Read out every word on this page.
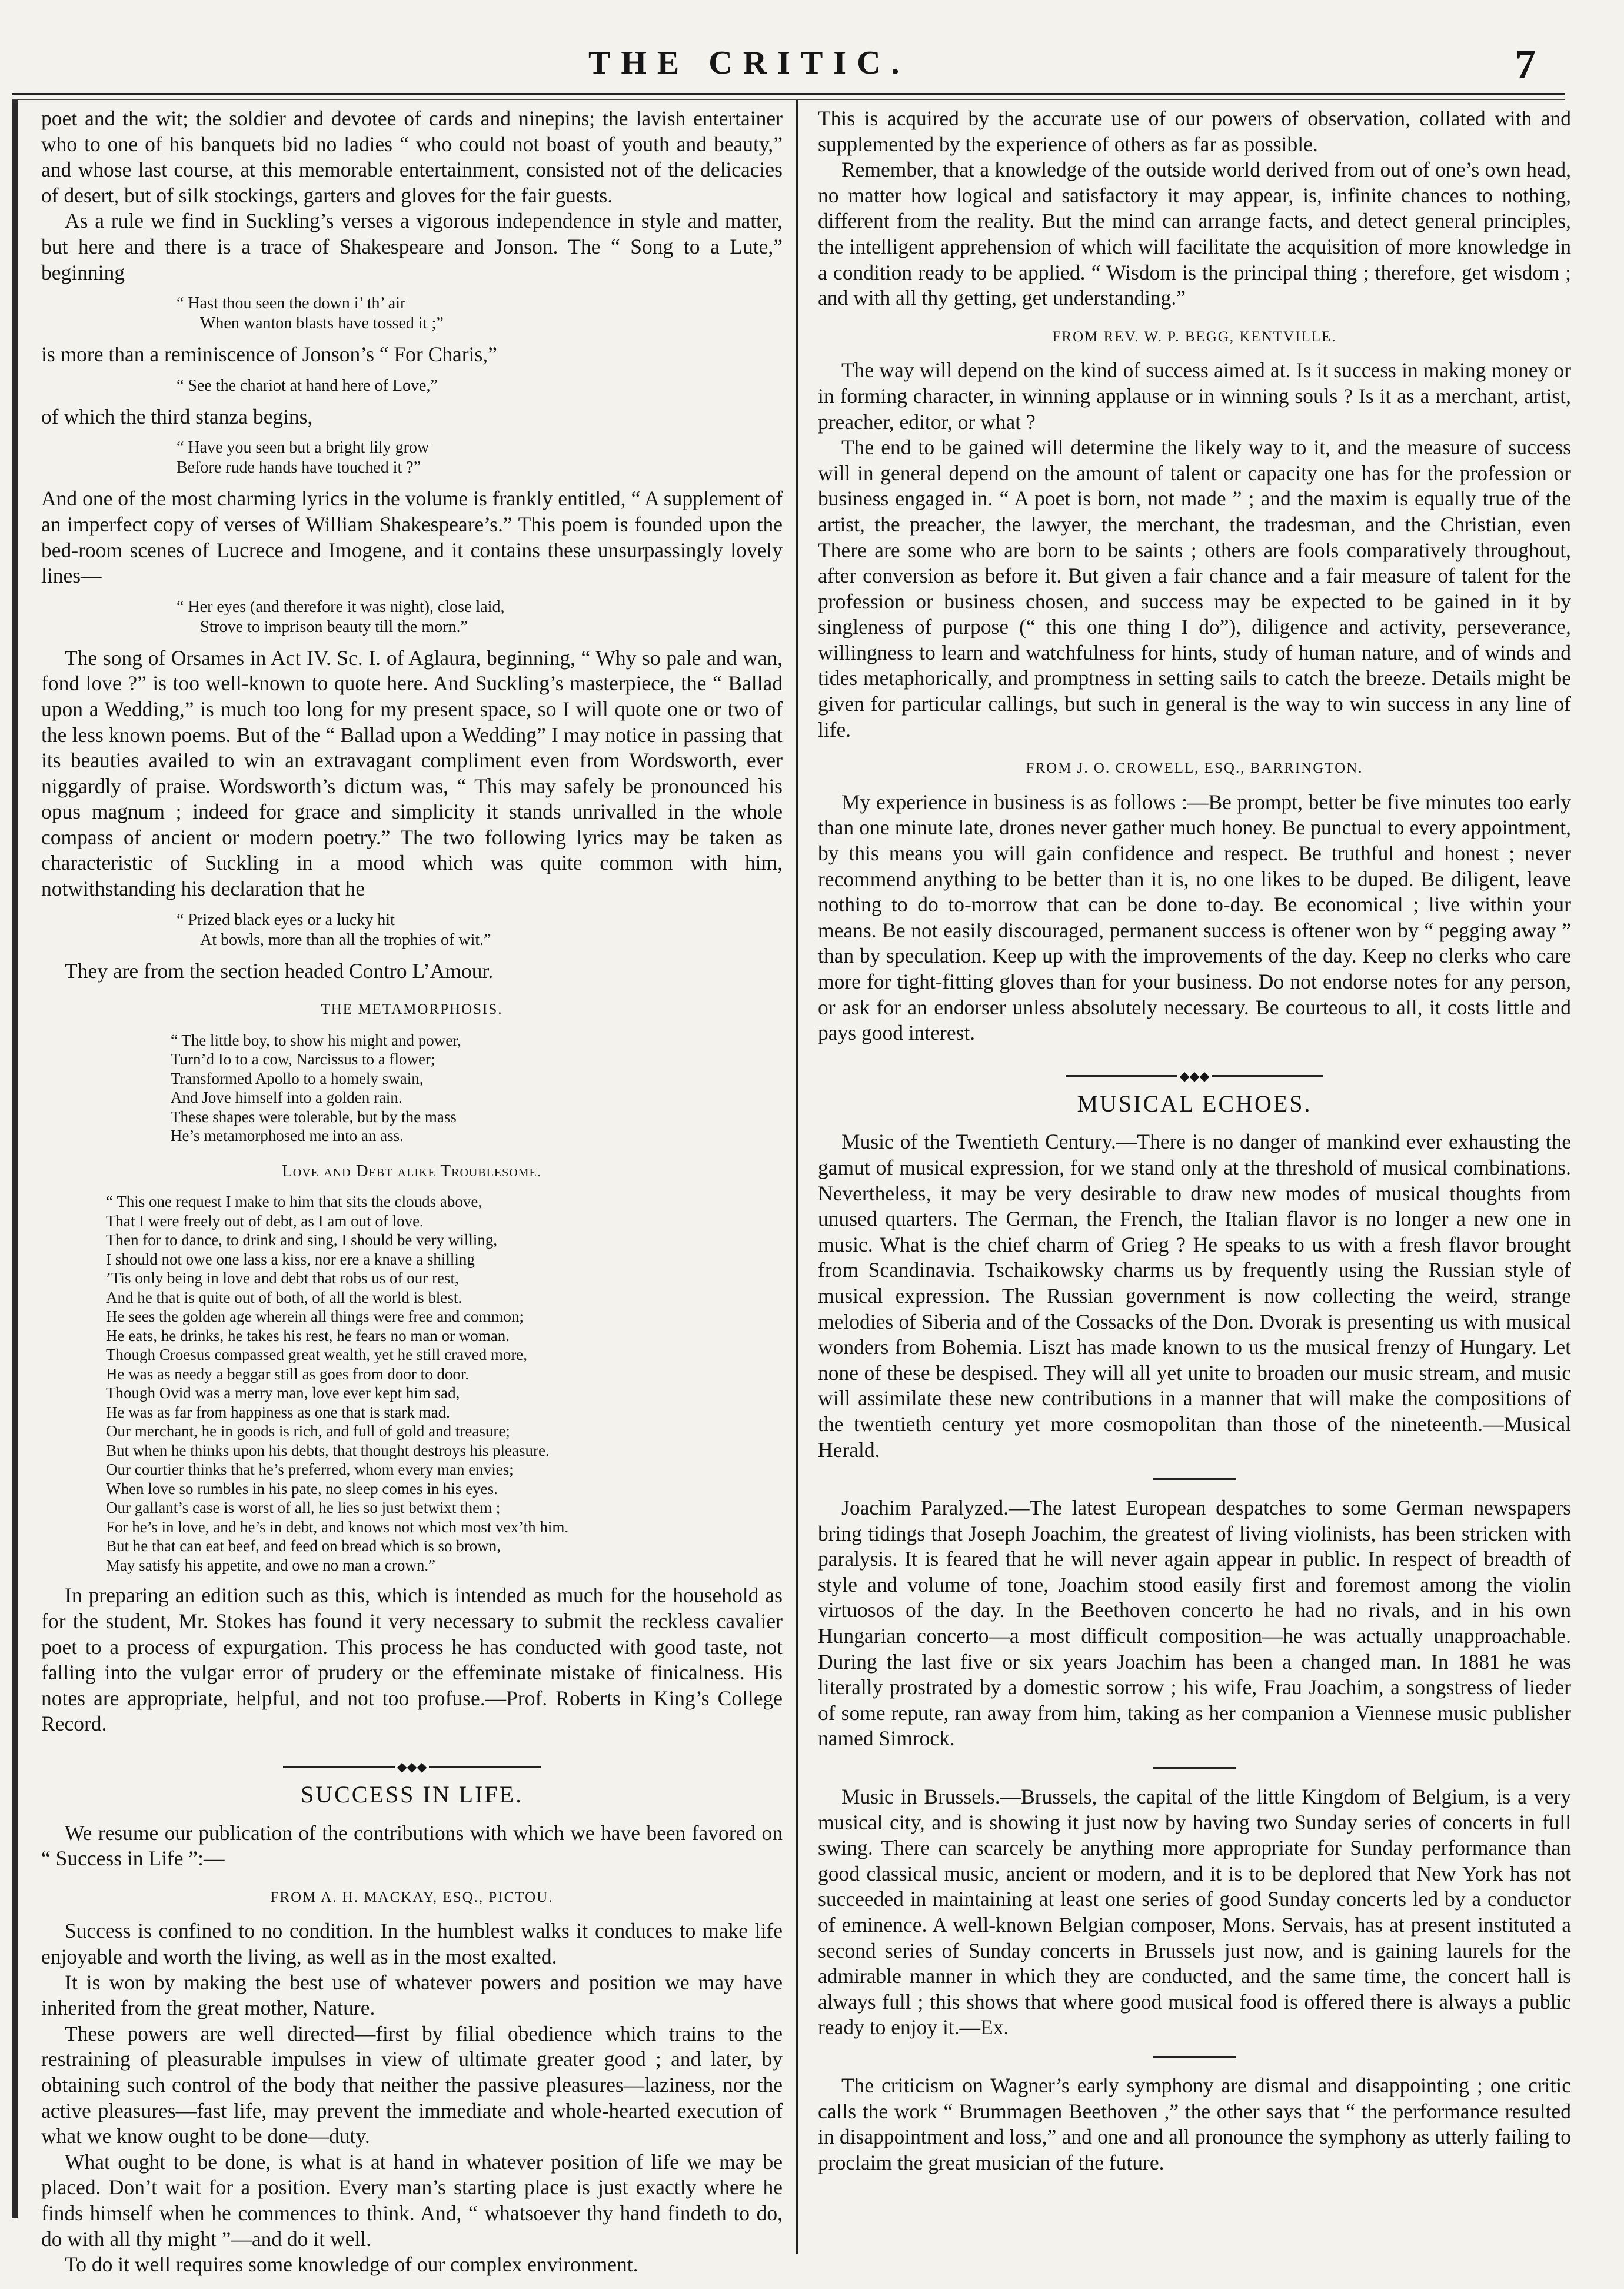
THE CRITIC.	7

poet and the wit; the soldier and devotee of cards and ninepins; the lavish entertainer who to one of his banquets bid no ladies “ who could not boast of youth and beauty,” and whose last course, at this memorable entertainment, consisted not of the delicacies of desert, but of silk stockings, garters and gloves for the fair guests.

As a rule we find in Suckling’s verses a vigorous independence in style and matter, but here and there is a trace of Shakespeare and Jonson. The “ Song to a Lute,” beginning

“ Hast thou seen the down i’ th’ air
When wanton blasts have tossed it ;”

is more than a reminiscence of Jonson’s “ For Charis,”

“ See the chariot at hand here of Love,”

of which the third stanza begins,

“ Have you seen but a bright lily grow
Before rude hands have touched it ?”

And one of the most charming lyrics in the volume is frankly entitled, “ A supplement of an imperfect copy of verses of William Shakespeare’s.” This poem is founded upon the bed-room scenes of Lucrece and Imogene, and it contains these unsurpassingly lovely lines—

“ Her eyes (and therefore it was night), close laid,
Strove to imprison beauty till the morn.”

The song of Orsames in Act IV. Sc. I. of Aglaura, beginning, “ Why so pale and wan, fond love ?” is too well-known to quote here. And Suckling’s masterpiece, the “ Ballad upon a Wedding,” is much too long for my present space, so I will quote one or two of the less known poems. But of the “ Ballad upon a Wedding” I may notice in passing that its beauties availed to win an extravagant compliment even from Wordsworth, ever niggardly of praise. Wordsworth’s dictum was, “ This may safely be pronounced his opus magnum ; indeed for grace and simplicity it stands unrivalled in the whole compass of ancient or modern poetry.” The two following lyrics may be taken as characteristic of Suckling in a mood which was quite common with him, notwithstanding his declaration that he

“ Prized black eyes or a lucky hit
At bowls, more than all the trophies of wit.”

They are from the section headed Contro L’Amour.

THE METAMORPHOSIS.
“ The little boy, to show his might and power,
Turn’d Io to a cow, Narcissus to a flower;
Transformed Apollo to a homely swain,
And Jove himself into a golden rain.
These shapes were tolerable, but by the mass
He’s metamorphosed me into an ass.
Love and Debt alike Troublesome.
“ This one request I make to him that sits the clouds above,
That I were freely out of debt, as I am out of love.
Then for to dance, to drink and sing, I should be very willing,
I should not owe one lass a kiss, nor ere a knave a shilling
’Tis only being in love and debt that robs us of our rest,
And he that is quite out of both, of all the world is blest.
He sees the golden age wherein all things were free and common;
He eats, he drinks, he takes his rest, he fears no man or woman.
Though Croesus compassed great wealth, yet he still craved more,
He was as needy a beggar still as goes from door to door.
Though Ovid was a merry man, love ever kept him sad,
He was as far from happiness as one that is stark mad.
Our merchant, he in goods is rich, and full of gold and treasure;
But when he thinks upon his debts, that thought destroys his pleasure.
Our courtier thinks that he’s preferred, whom every man envies;
When love so rumbles in his pate, no sleep comes in his eyes.
Our gallant’s case is worst of all, he lies so just betwixt them ;
For he’s in love, and he’s in debt, and knows not which most vex’th him.
But he that can eat beef, and feed on bread which is so brown,
May satisfy his appetite, and owe no man a crown.”

In preparing an edition such as this, which is intended as much for the household as for the student, Mr. Stokes has found it very necessary to submit the reckless cavalier poet to a process of expurgation. This process he has conducted with good taste, not falling into the vulgar error of prudery or the effeminate mistake of finicalness. His notes are appropriate, helpful, and not too profuse.—Prof. Roberts in King’s College Record.

◆◆◆
SUCCESS IN LIFE.

We resume our publication of the contributions with which we have been favored on “ Success in Life ”:—

FROM A. H. MACKAY, ESQ., PICTOU.

Success is confined to no condition. In the humblest walks it conduces to make life enjoyable and worth the living, as well as in the most exalted.

It is won by making the best use of whatever powers and position we may have inherited from the great mother, Nature.

These powers are well directed—first by filial obedience which trains to the restraining of pleasurable impulses in view of ultimate greater good ; and later, by obtaining such control of the body that neither the passive pleasures—laziness, nor the active pleasures—fast life, may prevent the immediate and whole-hearted execution of what we know ought to be done—duty.

What ought to be done, is what is at hand in whatever position of life we may be placed. Don’t wait for a position. Every man’s starting place is just exactly where he finds himself when he commences to think. And, “ whatsoever thy hand findeth to do, do with all thy might ”—and do it well.

To do it well requires some knowledge of our complex environment.

This is acquired by the accurate use of our powers of observation, collated with and supplemented by the experience of others as far as possible.

Remember, that a knowledge of the outside world derived from out of one’s own head, no matter how logical and satisfactory it may appear, is, infinite chances to nothing, different from the reality. But the mind can arrange facts, and detect general principles, the intelligent apprehension of which will facilitate the acquisition of more knowledge in a condition ready to be applied. “ Wisdom is the principal thing ; therefore, get wisdom ; and with all thy getting, get understanding.”

FROM REV. W. P. BEGG, KENTVILLE.

The way will depend on the kind of success aimed at. Is it success in making money or in forming character, in winning applause or in winning souls ? Is it as a merchant, artist, preacher, editor, or what ?

The end to be gained will determine the likely way to it, and the measure of success will in general depend on the amount of talent or capacity one has for the profession or business engaged in. “ A poet is born, not made ” ; and the maxim is equally true of the artist, the preacher, the lawyer, the merchant, the tradesman, and the Christian, even There are some who are born to be saints ; others are fools comparatively throughout, after conversion as before it. But given a fair chance and a fair measure of talent for the profession or business chosen, and success may be expected to be gained in it by singleness of purpose (“ this one thing I do”), diligence and activity, perseverance, willingness to learn and watchfulness for hints, study of human nature, and of winds and tides metaphorically, and promptness in setting sails to catch the breeze. Details might be given for particular callings, but such in general is the way to win success in any line of life.

FROM J. O. CROWELL, ESQ., BARRINGTON.

My experience in business is as follows :—Be prompt, better be five minutes too early than one minute late, drones never gather much honey. Be punctual to every appointment, by this means you will gain confidence and respect. Be truthful and honest ; never recommend anything to be better than it is, no one likes to be duped. Be diligent, leave nothing to do to-morrow that can be done to-day. Be economical ; live within your means. Be not easily discouraged, permanent success is oftener won by “ pegging away ” than by speculation. Keep up with the improvements of the day. Keep no clerks who care more for tight-fitting gloves than for your business. Do not endorse notes for any person, or ask for an endorser unless absolutely necessary. Be courteous to all, it costs little and pays good interest.

◆◆◆
MUSICAL ECHOES.

Music of the Twentieth Century.—There is no danger of mankind ever exhausting the gamut of musical expression, for we stand only at the threshold of musical combinations. Nevertheless, it may be very desirable to draw new modes of musical thoughts from unused quarters. The German, the French, the Italian flavor is no longer a new one in music. What is the chief charm of Grieg ? He speaks to us with a fresh flavor brought from Scandinavia. Tschaikowsky charms us by frequently using the Russian style of musical expression. The Russian government is now collecting the weird, strange melodies of Siberia and of the Cossacks of the Don. Dvorak is presenting us with musical wonders from Bohemia. Liszt has made known to us the musical frenzy of Hungary. Let none of these be despised. They will all yet unite to broaden our music stream, and music will assimilate these new contributions in a manner that will make the compositions of the twentieth century yet more cosmopolitan than those of the nineteenth.—Musical Herald.

Joachim Paralyzed.—The latest European despatches to some German newspapers bring tidings that Joseph Joachim, the greatest of living violinists, has been stricken with paralysis. It is feared that he will never again appear in public. In respect of breadth of style and volume of tone, Joachim stood easily first and foremost among the violin virtuosos of the day. In the Beethoven concerto he had no rivals, and in his own Hungarian concerto—a most difficult composition—he was actually unapproachable. During the last five or six years Joachim has been a changed man. In 1881 he was literally prostrated by a domestic sorrow ; his wife, Frau Joachim, a songstress of lieder of some repute, ran away from him, taking as her companion a Viennese music publisher named Simrock.

Music in Brussels.—Brussels, the capital of the little Kingdom of Belgium, is a very musical city, and is showing it just now by having two Sunday series of concerts in full swing. There can scarcely be anything more appropriate for Sunday performance than good classical music, ancient or modern, and it is to be deplored that New York has not succeeded in maintaining at least one series of good Sunday concerts led by a conductor of eminence. A well-known Belgian composer, Mons. Servais, has at present instituted a second series of Sunday concerts in Brussels just now, and is gaining laurels for the admirable manner in which they are conducted, and the same time, the concert hall is always full ; this shows that where good musical food is offered there is always a public ready to enjoy it.—Ex.

The criticism on Wagner’s early symphony are dismal and disappointing ; one critic calls the work “ Brummagen Beethoven ,” the other says that “ the performance resulted in disappointment and loss,” and one and all pronounce the symphony as utterly failing to proclaim the great musician of the future.
